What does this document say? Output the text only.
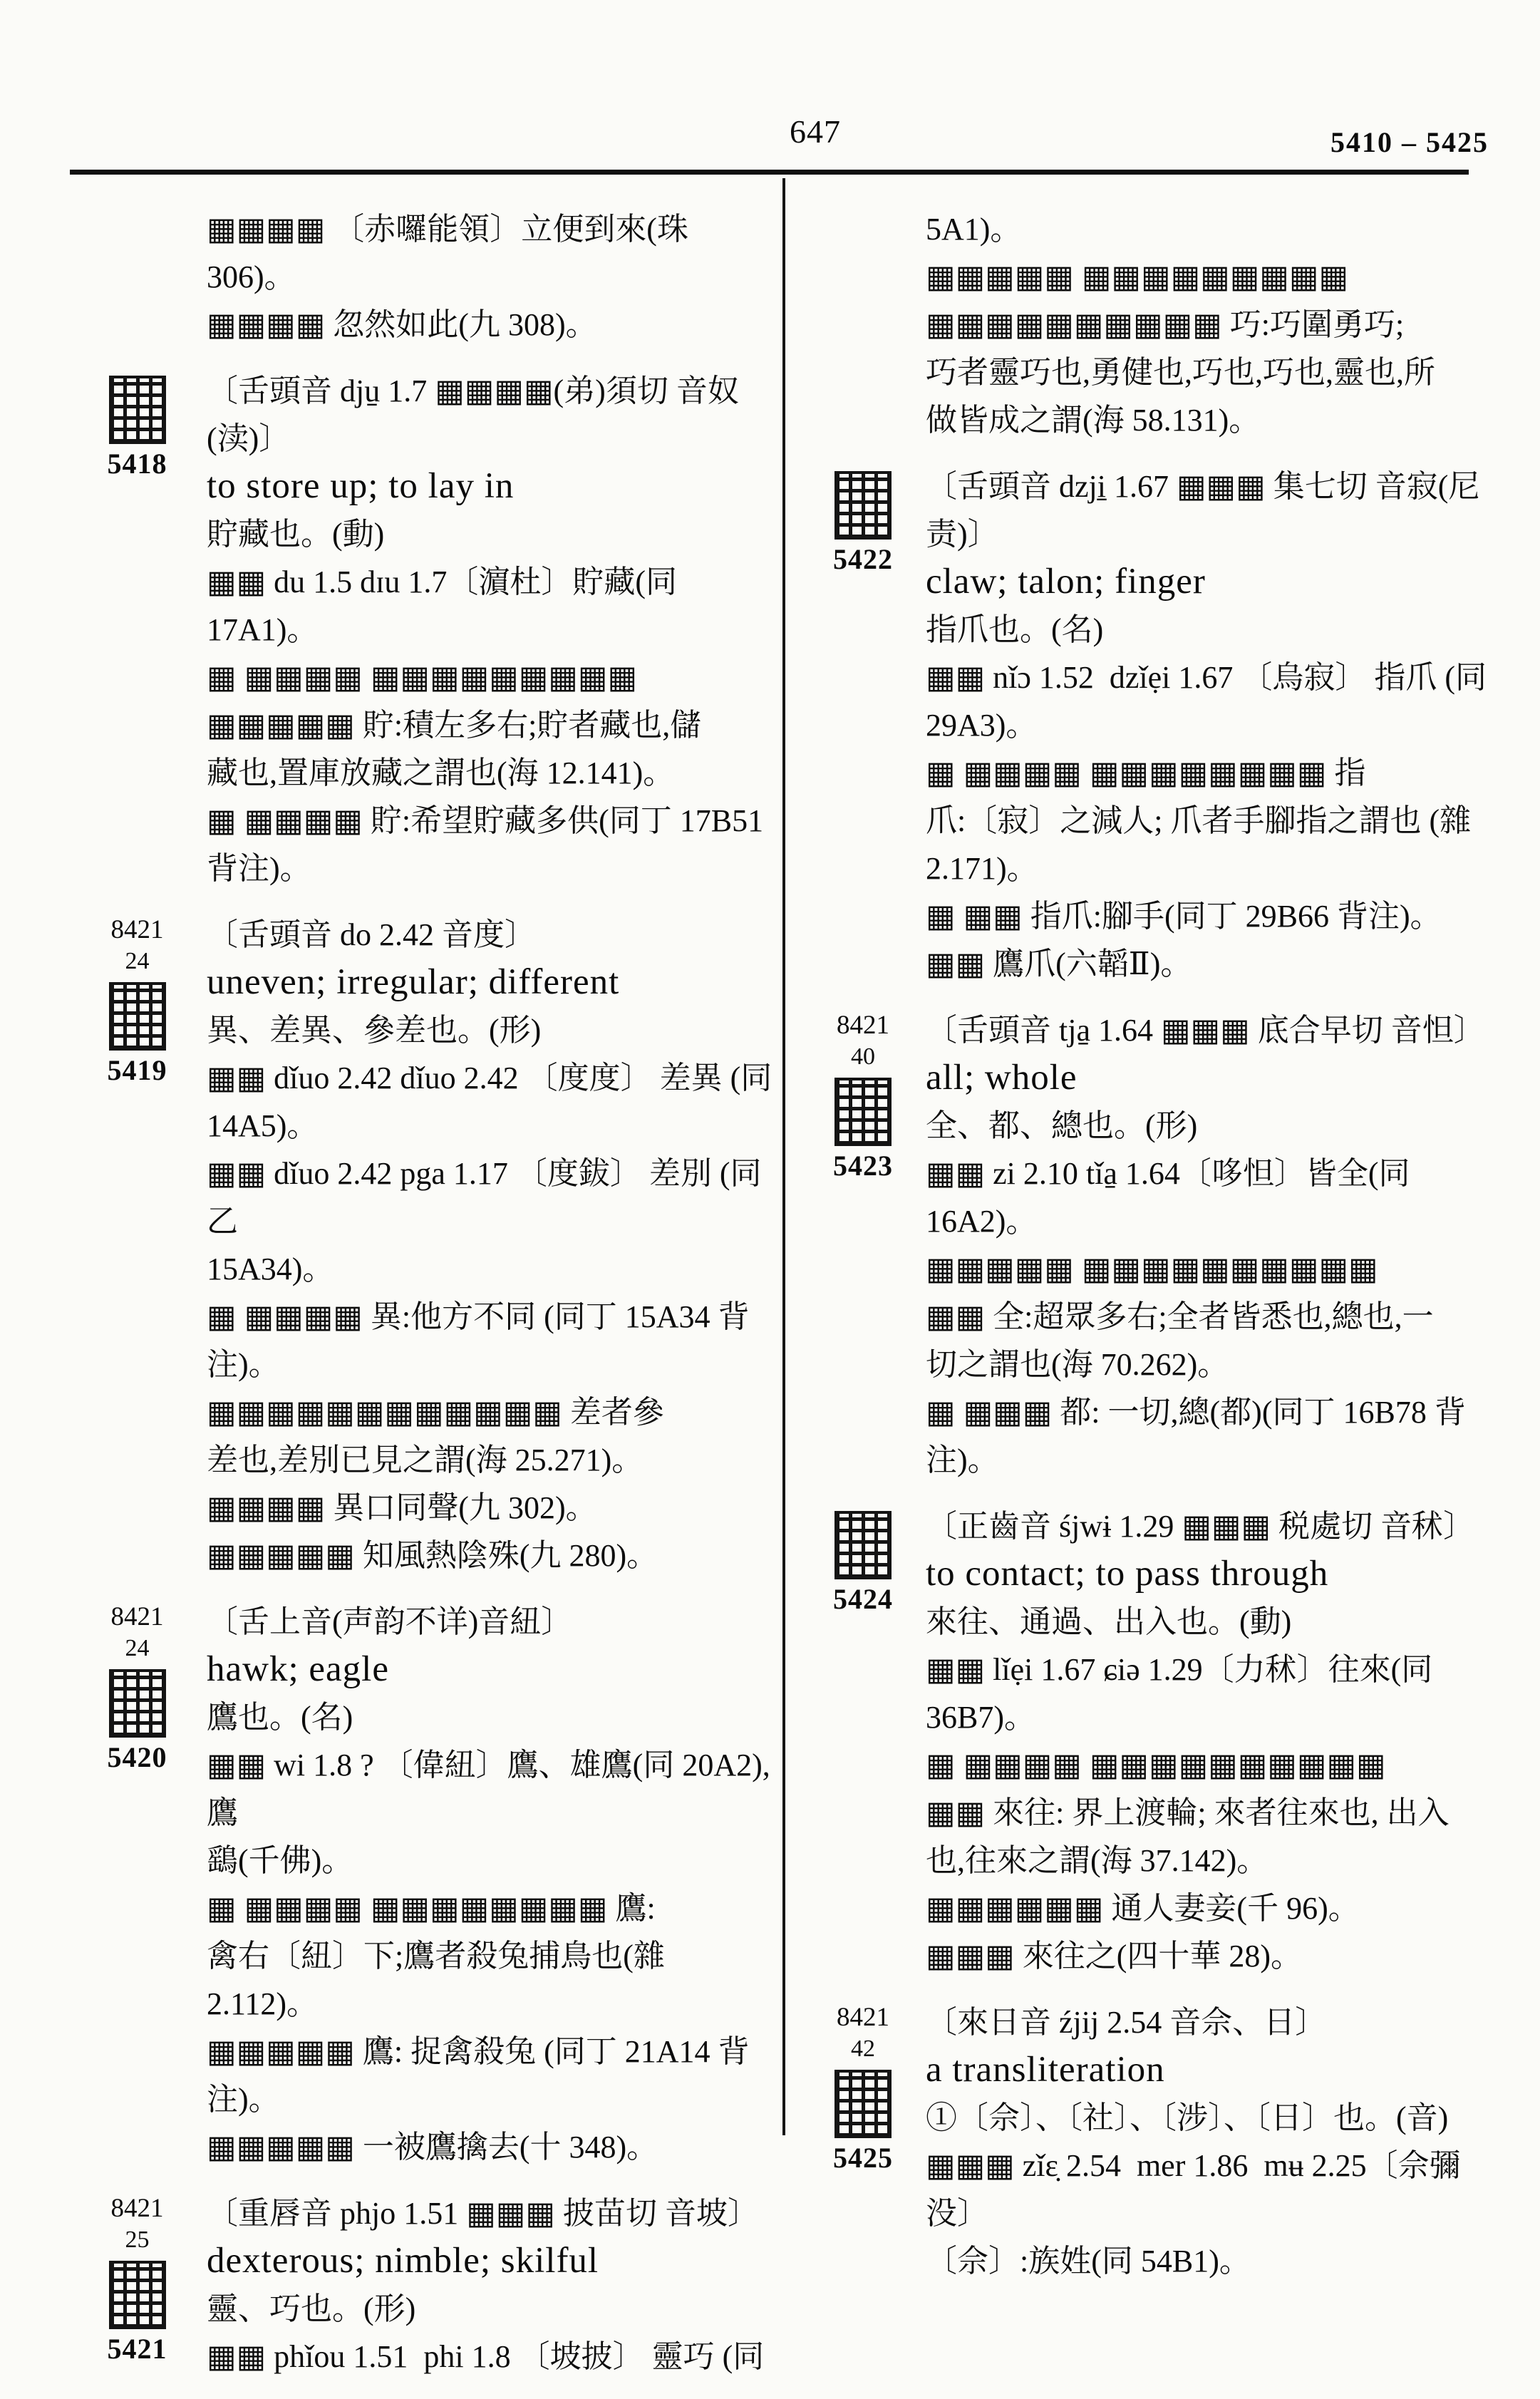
647	5410 – 5425
▦▦▦▦ 〔赤囉能領〕立便到來(珠 306)。
▦▦▦▦ 忽然如此(九 308)。
5418
〔舌頭音 dju̱ 1.7 ▦▦▦▦(弟)須切 音奴
(渎)〕
to store up; to lay in
貯藏也。(動)
▦▦ du 1.5 dɪu 1.7〔濵杜〕貯藏(同 17A1)。
▦ ▦▦▦▦ ▦▦▦▦▦▦▦▦▦
▦▦▦▦▦ 貯:積左多右;貯者藏也,儲
藏也,置庫放藏之謂也(海 12.141)。
▦ ▦▦▦▦ 貯:希望貯藏多供(同丁 17B51
背注)。
8421
24
5419
〔舌頭音 do 2.42 音度〕
uneven; irregular; different
異、差異、參差也。(形)
▦▦ dǐuo 2.42 dǐuo 2.42 〔度度〕 差異 (同
14A5)。
▦▦ dǐuo 2.42 pga 1.17 〔度鈸〕 差別 (同乙
15A34)。
▦ ▦▦▦▦ 異:他方不同 (同丁 15A34 背
注)。
▦▦▦▦▦▦▦▦▦▦▦▦ 差者參
差也,差別已見之謂(海 25.271)。
▦▦▦▦ 異口同聲(九 302)。
▦▦▦▦▦ 知風熱陰殊(九 280)。
8421
24
5420
〔舌上音(声韵不详)音紐〕
hawk; eagle
鷹也。(名)
▦▦ wi 1.8 ? 〔偉紐〕鷹、雄鷹(同 20A2),鷹
鷂(千佛)。
▦ ▦▦▦▦ ▦▦▦▦▦▦▦▦ 鷹:
禽右〔紐〕下;鷹者殺兔捕鳥也(雜 2.112)。
▦▦▦▦▦ 鷹: 捉禽殺兔 (同丁 21A14 背
注)。
▦▦▦▦▦ 一被鷹擒去(十 348)。
8421
25
5421
〔重唇音 phjo 1.51 ▦▦▦ 披苗切 音坡〕
dexterous; nimble; skilful
靈、巧也。(形)
▦▦ phǐou 1.51  phi 1.8 〔坡披〕 靈巧 (同
5A1)。
▦▦▦▦▦ ▦▦▦▦▦▦▦▦▦
▦▦▦▦▦▦▦▦▦▦ 巧:巧圍勇巧;
巧者靈巧也,勇健也,巧也,巧也,靈也,所
做皆成之謂(海 58.131)。
5422
〔舌頭音 dzji̱ 1.67 ▦▦▦ 集七切 音寂(尼
责)〕
claw; talon; finger
指爪也。(名)
▦▦ nǐɔ 1.52  dzǐẹi 1.67 〔烏寂〕 指爪 (同
29A3)。
▦ ▦▦▦▦ ▦▦▦▦▦▦▦▦ 指
爪:〔寂〕之減人; 爪者手腳指之謂也 (雜
2.171)。
▦ ▦▦ 指爪:腳手(同丁 29B66 背注)。
▦▦ 鷹爪(六韜Ⅱ)。
8421
40
5423
〔舌頭音 tja̱ 1.64 ▦▦▦ 底合早切 音怛〕
all; whole
全、都、總也。(形)
▦▦ zi 2.10 tǐa̱ 1.64〔哆怛〕皆全(同 16A2)。
▦▦▦▦▦ ▦▦▦▦▦▦▦▦▦▦
▦▦ 全:超眾多右;全者皆悉也,總也,一
切之謂也(海 70.262)。
▦ ▦▦▦ 都: 一切,總(都)(同丁 16B78 背
注)。
5424
〔正齒音 śjwɨ 1.29 ▦▦▦ 税處切 音秫〕
to contact; to pass through
來往、通過、出入也。(動)
▦▦ lǐẹi 1.67 ɕiə 1.29〔力秫〕往來(同 36B7)。
▦ ▦▦▦▦ ▦▦▦▦▦▦▦▦▦▦
▦▦ 來往: 界上渡輪; 來者往來也, 出入
也,往來之謂(海 37.142)。
▦▦▦▦▦▦ 通人妻妾(千 96)。
▦▦▦ 來往之(四十華 28)。
8421
42
5425
〔來日音 źjij 2.54 音佘、日〕
a transliteration
①〔佘〕、〔社〕、〔涉〕、〔日〕也。(音)
▦▦▦ zǐɛ̣ 2.54  mer 1.86  mʉ 2.25〔佘彌没〕
〔佘〕:族姓(同 54B1)。
